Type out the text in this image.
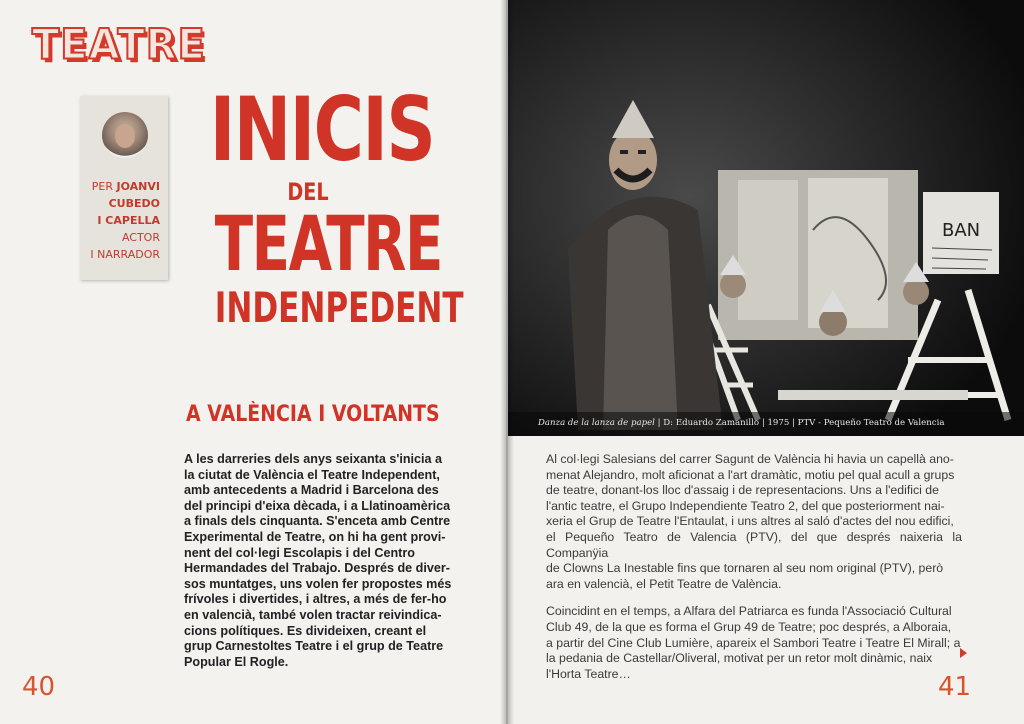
TEATRE
PER JOANVI
CUBEDO
I CAPELLA
ACTOR
I NARRADOR
INICIS
DEL
TEATRE
INDENPEDENT
A VALÈNCIA I VOLTANTS
A les darreries dels anys seixanta s'inicia a
la ciutat de València el Teatre Independent,
amb antecedents a Madrid i Barcelona des
del principi d'eixa dècada, i a Llatinoamèrica
a finals dels cinquanta. S'enceta amb Centre
Experimental de Teatre, on hi ha gent provi-
nent del col·legi Escolapis i del Centro
Hermandades del Trabajo. Després de diver-
sos muntatges, uns volen fer propostes més
frívoles i divertides, i altres, a més de fer-ho
en valencià, també volen tractar reivindica-
cions polítiques. Es divideixen, creant el
grup Carnestoltes Teatre i el grup de Teatre
Popular El Rogle.
40
BAN
Danza de la lanza de papel | D: Eduardo Zamanillo | 1975 | PTV - Pequeño Teatro de Valencia

Al col·legi Salesians del carrer Sagunt de València hi havia un capellà ano-
menat Alejandro, molt aficionat a l'art dramàtic, motiu pel qual acull a grups
de teatre, donant-los lloc d'assaig i de representacions. Uns a l'edifici de
l'antic teatre, el Grupo Independiente Teatro 2, del que posteriorment nai-
xeria el Grup de Teatre l'Entaulat, i uns altres al saló d'actes del nou edifici,
el Pequeño Teatro de Valencia (PTV), del que després naixeria la Companÿia
de Clowns La Inestable fins que tornaren al seu nom original (PTV), però
ara en valencià, el Petit Teatre de València.

Coincidint en el temps, a Alfara del Patriarca es funda l'Associació Cultural
Club 49, de la que es forma el Grup 49 de Teatre; poc després, a Alboraia,
a partir del Cine Club Lumière, apareix el Sambori Teatre i Teatre El Mirall; a
la pedania de Castellar/Oliveral, motivat per un retor molt dinàmic, naix
l'Horta Teatre…	41
